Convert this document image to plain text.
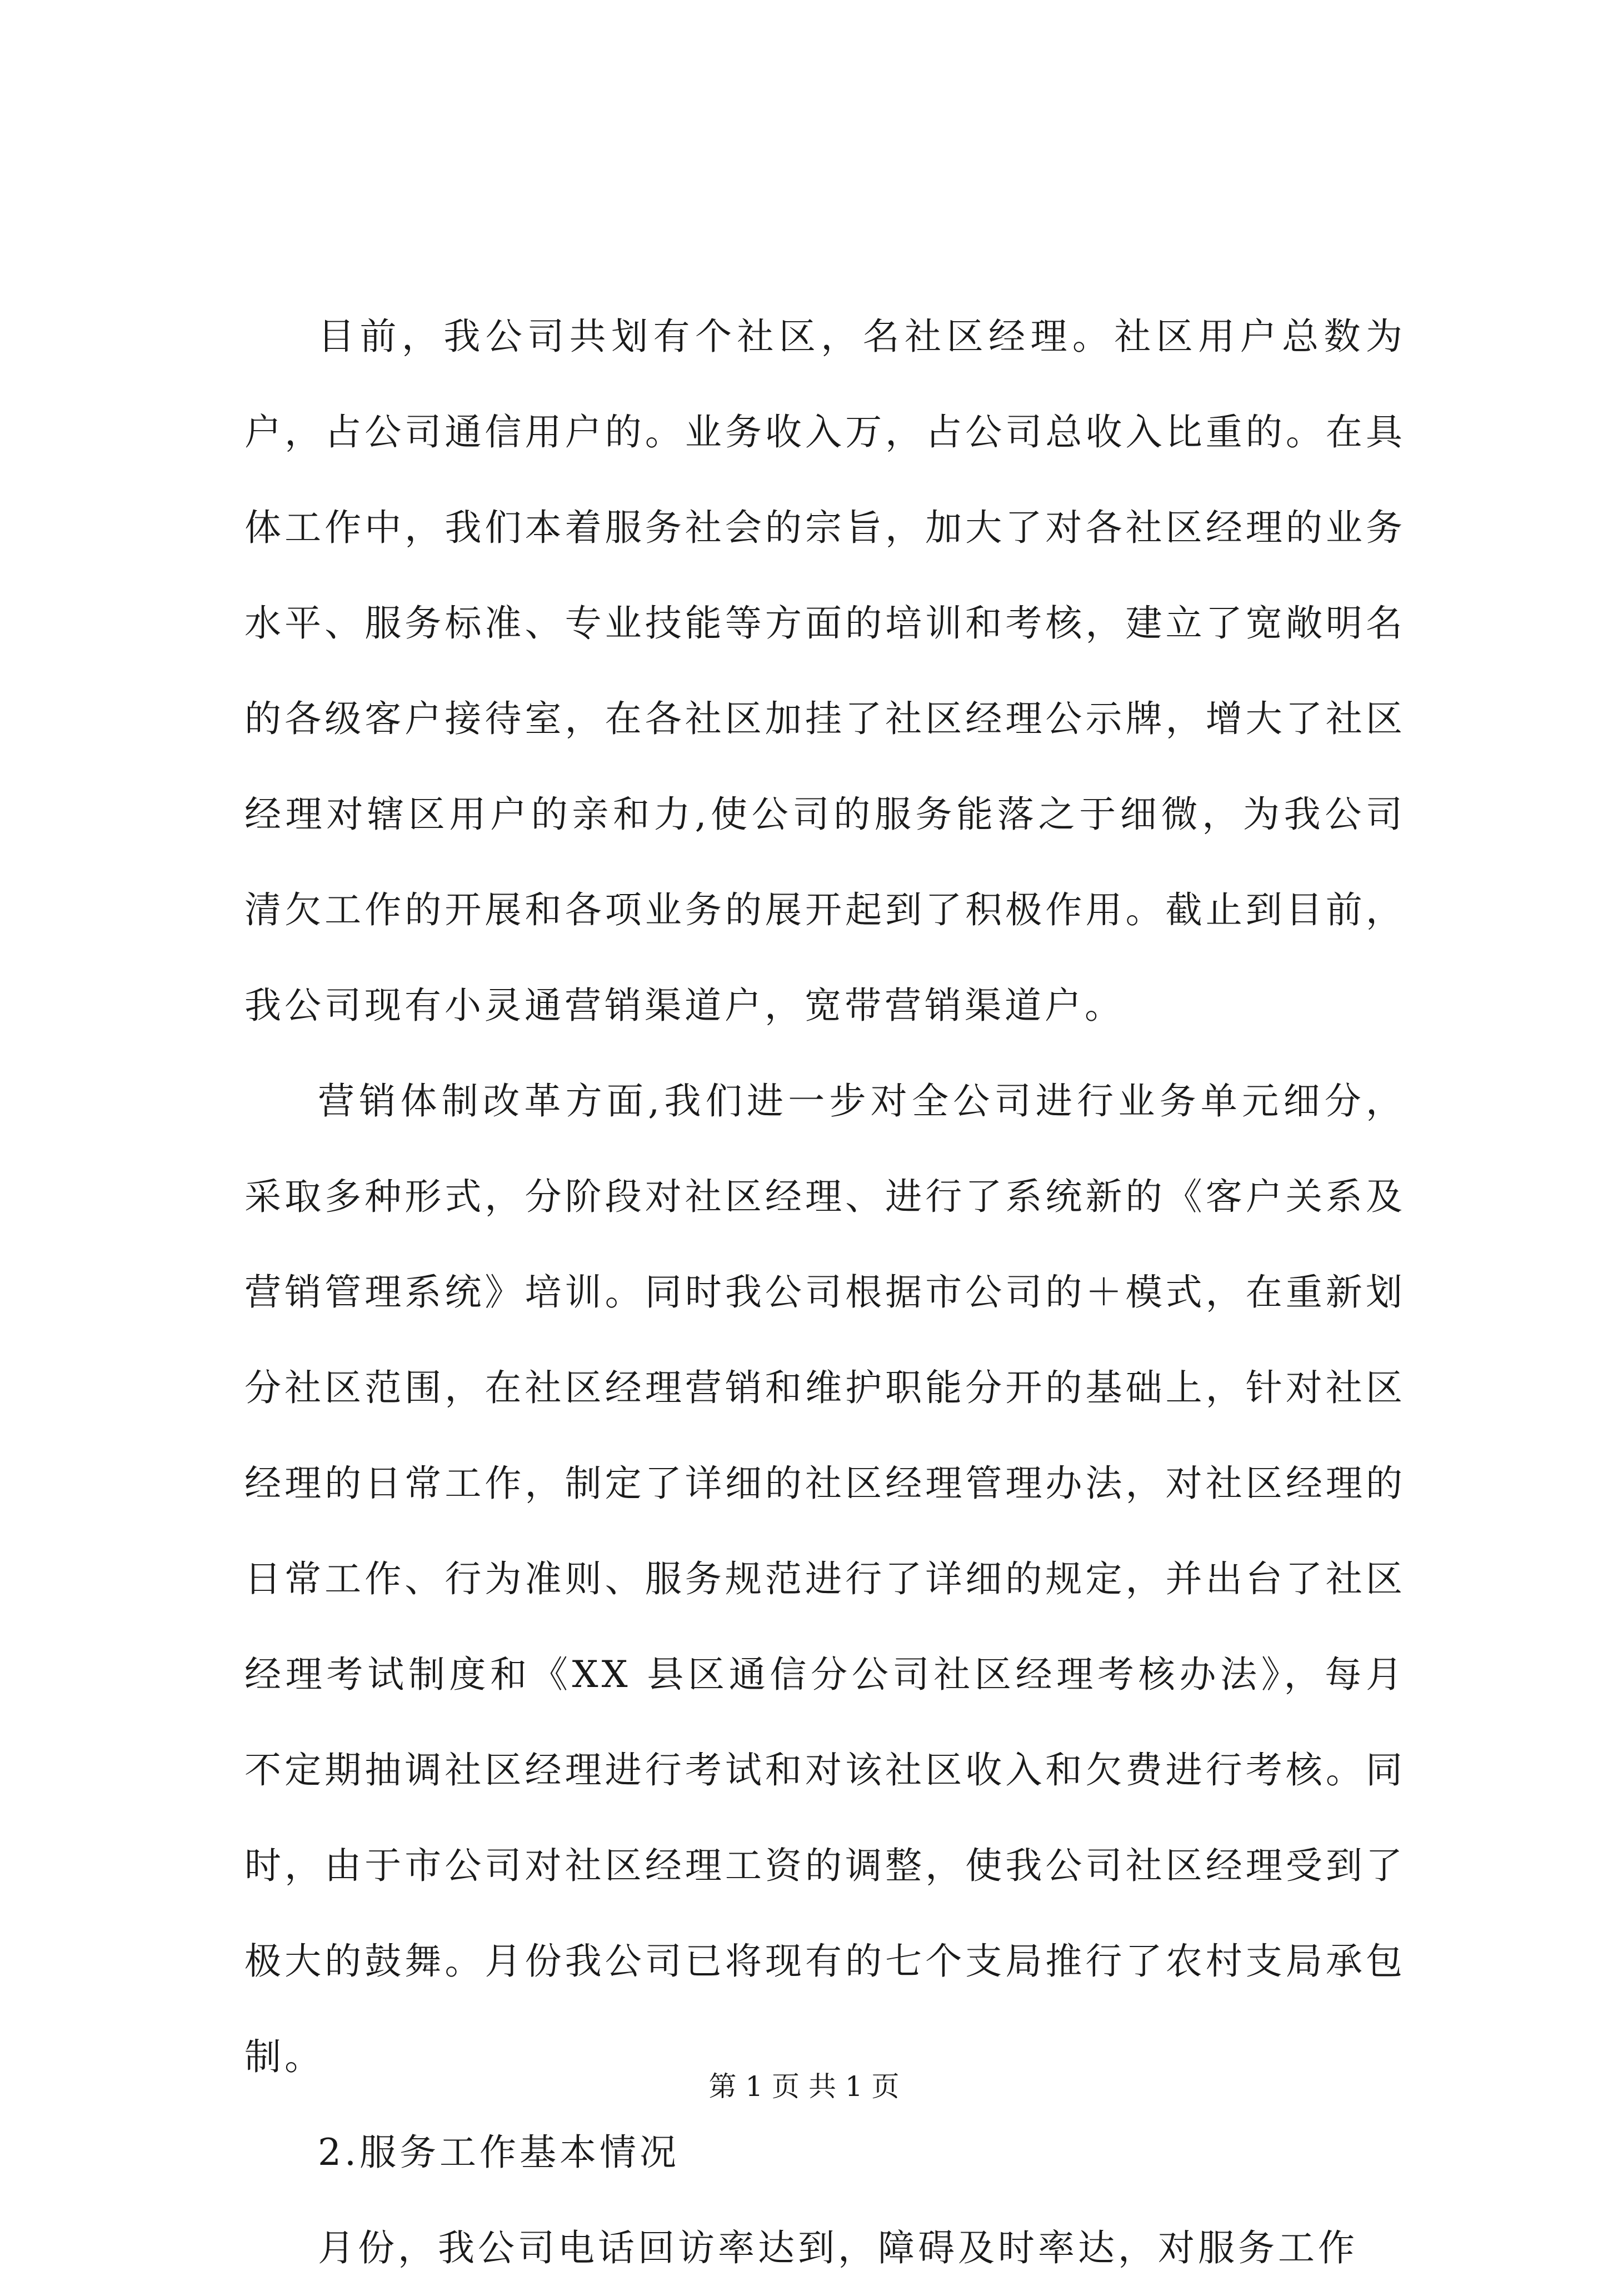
目前，我公司共划有个社区，名社区经理。社区用户总数为户，占公司通信用户的。业务收入万，占公司总收入比重的。在具体工作中，我们本着服务社会的宗旨，加大了对各社区经理的业务水平、服务标准、专业技能等方面的培训和考核，建立了宽敞明名的各级客户接待室，在各社区加挂了社区经理公示牌，增大了社区经理对辖区用户的亲和力,使公司的服务能落之于细微，为我公司清欠工作的开展和各项业务的展开起到了积极作用。截止到目前，我公司现有小灵通营销渠道户，宽带营销渠道户。

营销体制改革方面,我们进一步对全公司进行业务单元细分，采取多种形式，分阶段对社区经理、进行了系统新的《客户关系及营销管理系统》培训。同时我公司根据市公司的＋模式，在重新划分社区范围，在社区经理营销和维护职能分开的基础上，针对社区经理的日常工作，制定了详细的社区经理管理办法，对社区经理的日常工作、行为准则、服务规范进行了详细的规定，并出台了社区经理考试制度和《XX 县区通信分公司社区经理考核办法》，每月不定期抽调社区经理进行考试和对该社区收入和欠费进行考核。同时，由于市公司对社区经理工资的调整，使我公司社区经理受到了极大的鼓舞。月份我公司已将现有的七个支局推行了农村支局承包制。

2.服务工作基本情况

月份，我公司电话回访率达到，障碍及时率达，对服务工作

第 1 页 共 1 页
